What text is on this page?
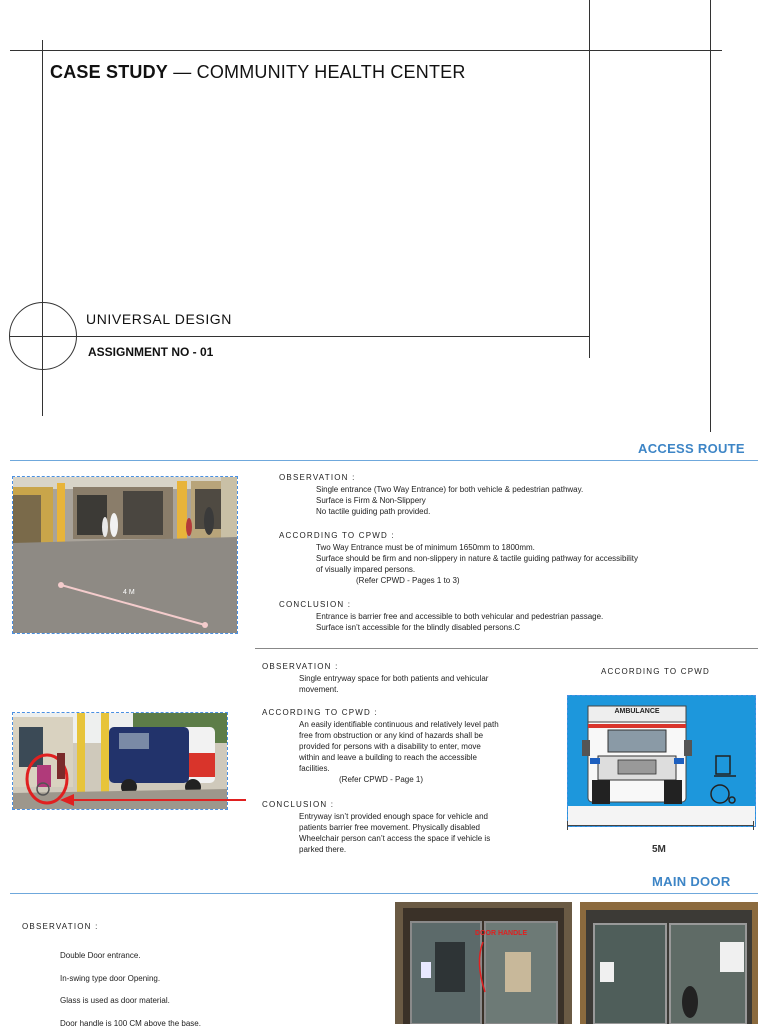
CASE STUDY — COMMUNITY HEALTH CENTER
UNIVERSAL DESIGN
ASSIGNMENT NO - 01
ACCESS ROUTE
4 M
OBSERVATION :
Single entrance (Two Way Entrance) for both vehicle & pedestrian pathway.
Surface is Firm & Non-Slippery
No tactile guiding path provided.
ACCORDING TO CPWD :
Two Way Entrance must be of minimum 1650mm to 1800mm.
Surface should be firm and non-slippery in nature & tactile guiding pathway for accessibility
of visually impared persons.
(Refer CPWD - Pages 1 to 3)
CONCLUSION :
Entrance is barrier free and accessible to both vehicular and pedestrian passage.
Surface isn’t accessible for the blindly disabled persons.C
OBSERVATION :
Single entryway space for both patients and vehicular
movement.
ACCORDING TO CPWD :
An easily identifiable continuous and relatively level path
free from obstruction or any kind of hazards shall be
provided for persons with a disability to enter, move
within and leave a building to reach the accessible
facilities.
(Refer CPWD - Page 1)
CONCLUSION :
Entryway isn’t provided enough space for vehicle and
patients barrier free movement. Physically disabled
Wheelchair person can’t access the space if vehicle is
parked there.
ACCORDING TO CPWD
AMBULANCE
5M
MAIN DOOR
OBSERVATION :
Double Door entrance.
In-swing type door Opening.
Glass is used as door material.
Door handle is 100 CM above the base.
DOOR HANDLE
